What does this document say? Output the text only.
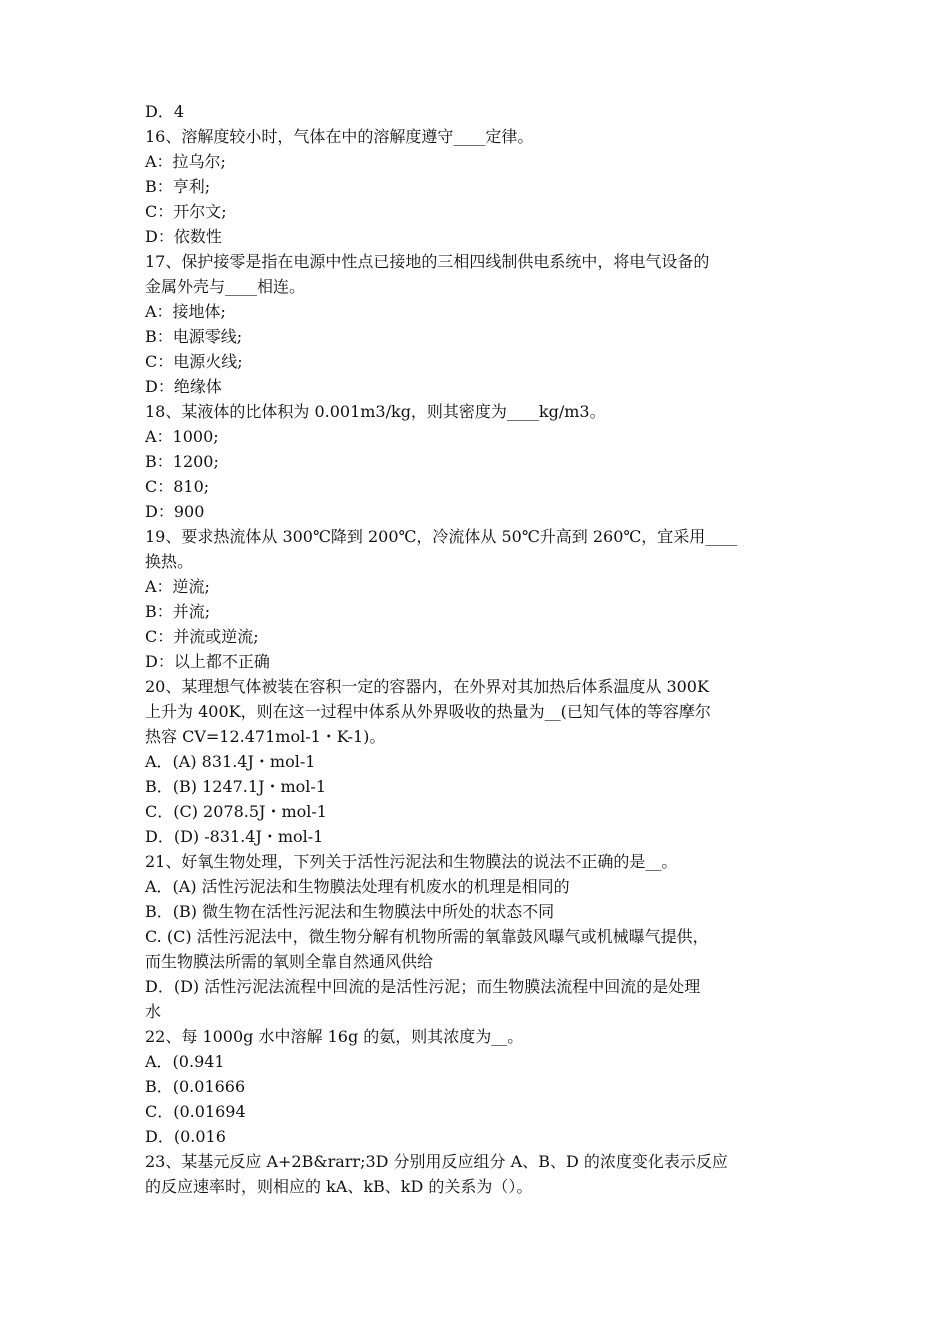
D．4
16、溶解度较小时，气体在中的溶解度遵守____定律。
A：拉乌尔;
B：亨利;
C：开尔文;
D：依数性
17、保护接零是指在电源中性点已接地的三相四线制供电系统中，将电气设备的
金属外壳与____相连。
A：接地体;
B：电源零线;
C：电源火线;
D：绝缘体
18、某液体的比体积为 0.001m3/kg，则其密度为____kg/m3。
A：1000;
B：1200;
C：810;
D：900
19、要求热流体从 300℃降到 200℃，冷流体从 50℃升高到 260℃，宜采用____
换热。
A：逆流;
B：并流;
C：并流或逆流;
D：以上都不正确
20、某理想气体被装在容积一定的容器内，在外界对其加热后体系温度从 300K
上升为 400K，则在这一过程中体系从外界吸收的热量为__(已知气体的等容摩尔
热容 CV=12.471mol-1・K-1)。
A．(A) 831.4J・mol-1
B．(B) 1247.1J・mol-1
C．(C) 2078.5J・mol-1
D．(D) -831.4J・mol-1
21、好氧生物处理，下列关于活性污泥法和生物膜法的说法不正确的是__。
A．(A) 活性污泥法和生物膜法处理有机废水的机理是相同的
B．(B) 微生物在活性污泥法和生物膜法中所处的状态不同
C. (C) 活性污泥法中，微生物分解有机物所需的氧靠鼓风曝气或机械曝气提供，
而生物膜法所需的氧则全靠自然通风供给
D．(D) 活性污泥法流程中回流的是活性污泥；而生物膜法流程中回流的是处理
水
22、每 1000g 水中溶解 16g 的氨，则其浓度为__。
A．(0.941
B．(0.01666
C．(0.01694
D．(0.016
23、某基元反应 A+2B&rarr;3D 分别用反应组分 A、B、D 的浓度变化表示反应
的反应速率时，则相应的 kA、kB、kD 的关系为（）。
